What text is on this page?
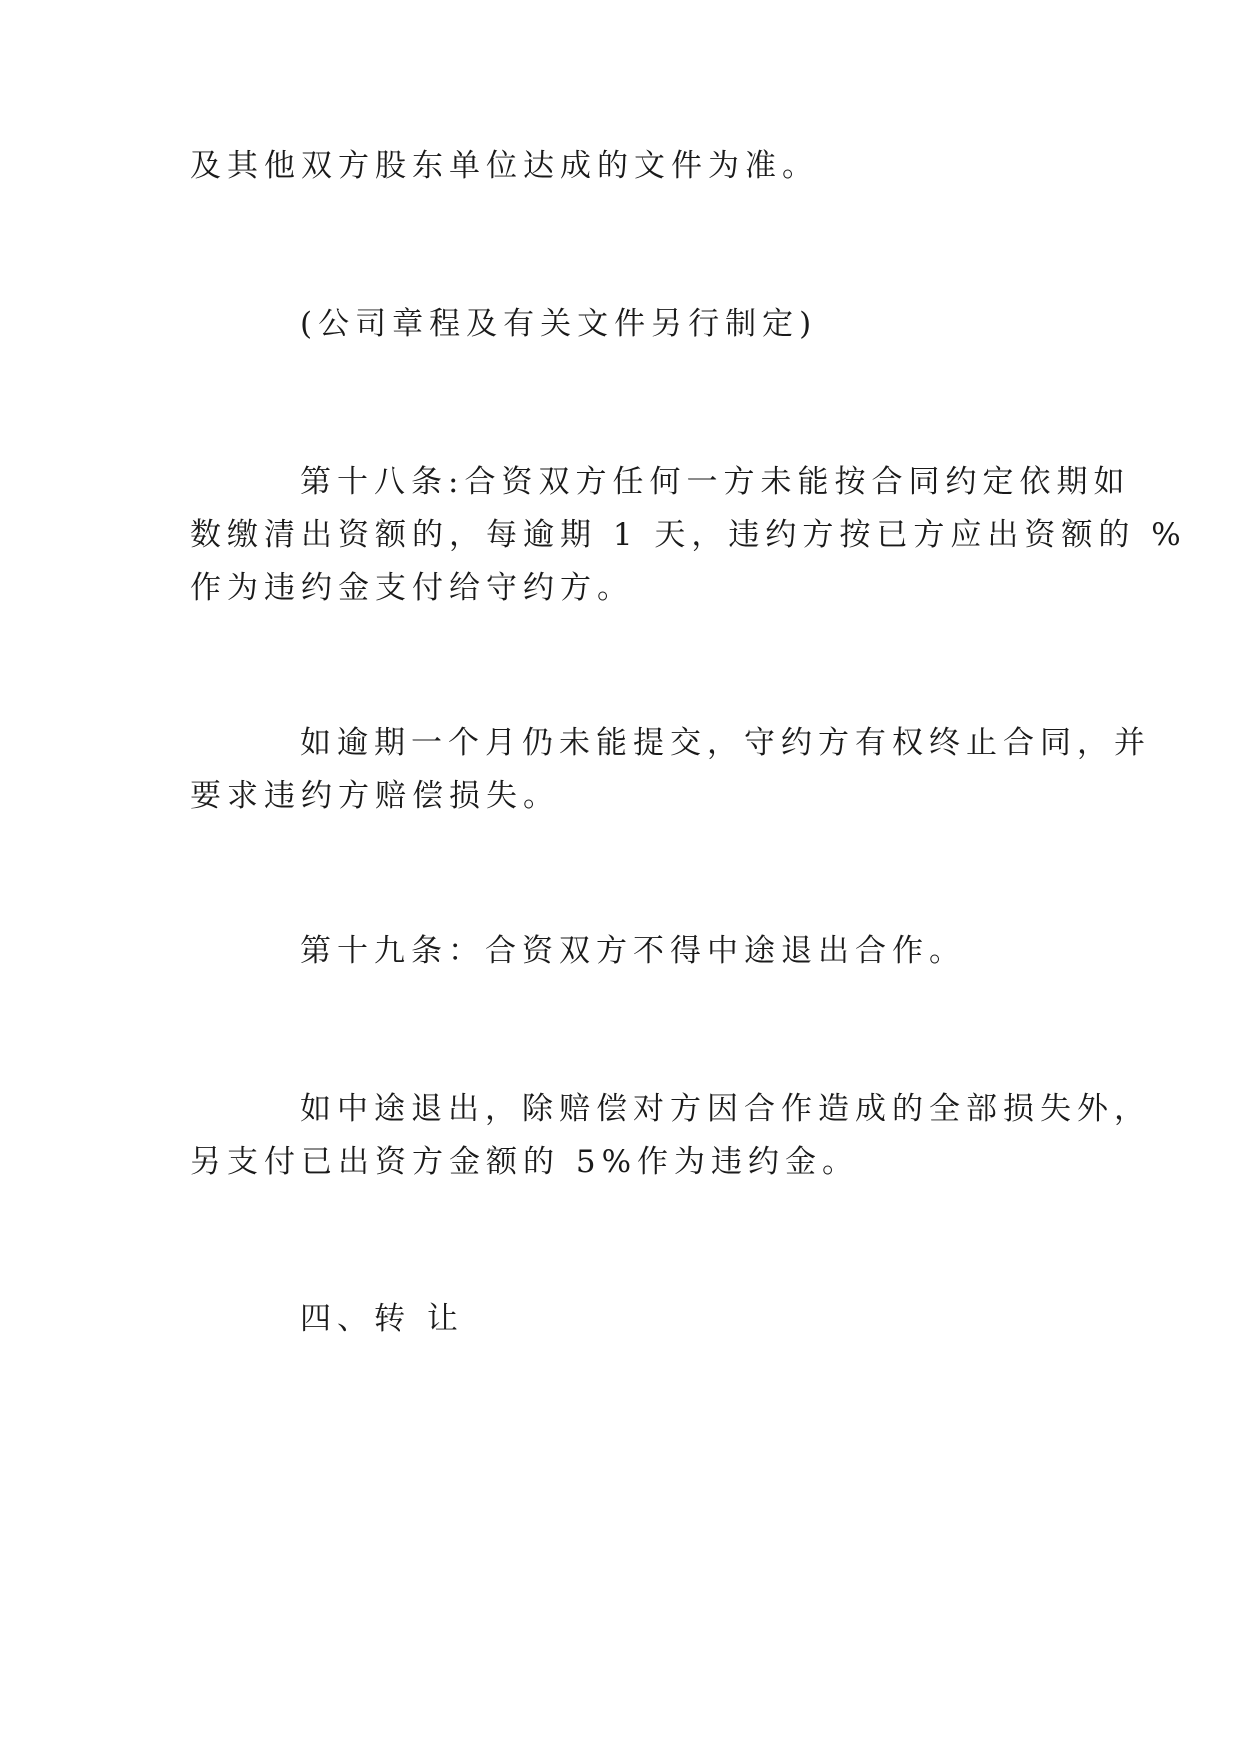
及其他双方股东单位达成的文件为准。
(公司章程及有关文件另行制定)
第十八条:合资双方任何一方未能按合同约定依期如
数缴清出资额的，每逾期 1 天，违约方按已方应出资额的 %
作为违约金支付给守约方。
如逾期一个月仍未能提交，守约方有权终止合同，并
要求违约方赔偿损失。
第十九条：合资双方不得中途退出合作。
如中途退出，除赔偿对方因合作造成的全部损失外，
另支付已出资方金额的 5%作为违约金。
四、转 让
